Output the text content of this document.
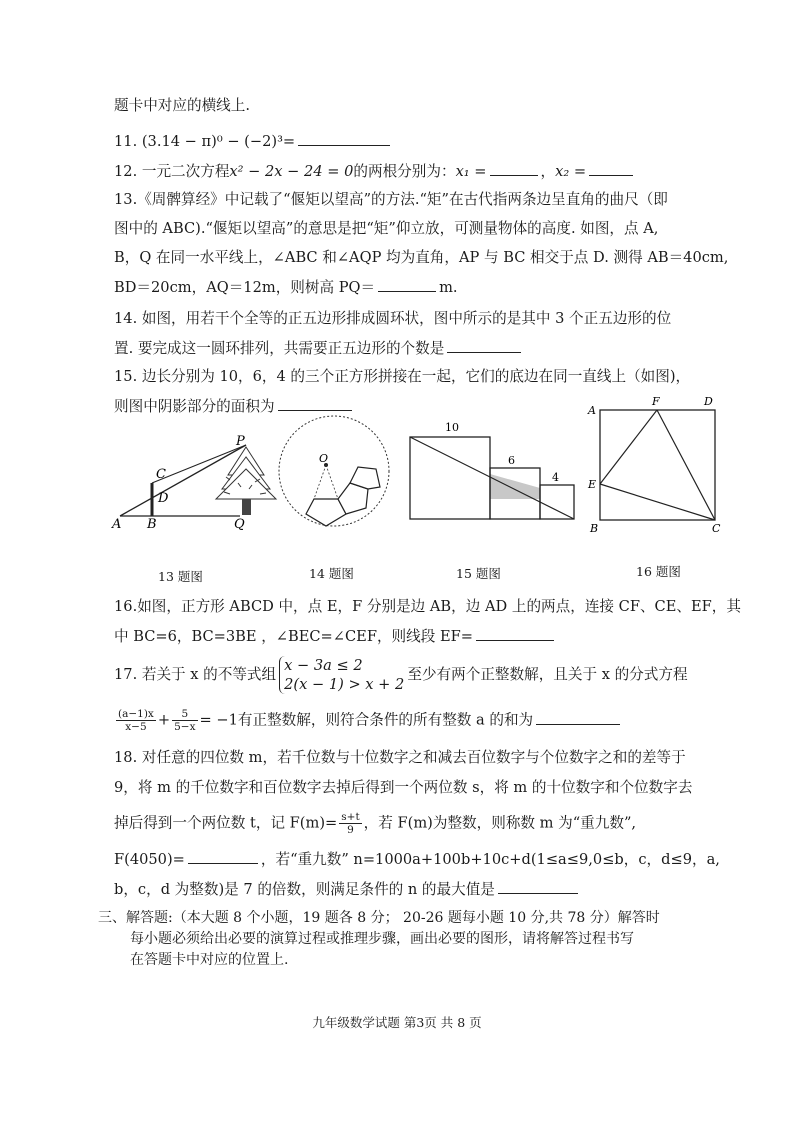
题卡中对应的横线上.
11. (3.14 − π)⁰ − (−2)³=
12. 一元二次方程x² − 2x − 24 = 0的两根分别为：x₁ =	，x₂ =
13.《周髀算经》中记载了“偃矩以望高”的方法.“矩”在古代指两条边呈直角的曲尺（即
图中的 ABC).“偃矩以望高”的意思是把“矩”仰立放，可测量物体的高度. 如图，点 A,
B，Q 在同一水平线上，∠ABC 和∠AQP 均为直角，AP 与 BC 相交于点 D. 测得 AB＝40cm,
BD＝20cm，AQ＝12m，则树高 PQ＝	m.
14. 如图，用若干个全等的正五边形排成圆环状，图中所示的是其中 3 个正五边形的位
置. 要完成这一圆环排列，共需要正五边形的个数是
15. 边长分别为 10，6，4 的三个正方形拼接在一起，它们的底边在同一直线上（如图)，
则图中阴影部分的面积为
A B
C
D
P
Q
O
10
6
4
A
F	D
E
B	C
13 题图	14 题图	15 题图	16 题图
16.如图，正方形 ABCD 中，点 E，F 分别是边 AB，边 AD 上的两点，连接 CF、CE、EF，其
中 BC=6，BC=3BE ，∠BEC=∠CEF，则线段 EF=
17. 若关于 x 的不等式组
x − 3a ≤ 2
2(x − 1) > x + 2
至少有两个正整数解，且关于 x 的分式方程
$\frac{(a-1)x}{x-5} + \frac{5}{5-x} = -1$有正整数解，则符合条件的所有整数 a 的和为
18. 对任意的四位数 m，若千位数与十位数字之和减去百位数字与个位数字之和的差等于
9，将 m 的千位数字和百位数字去掉后得到一个两位数 s，将 m 的十位数字和个位数字去
掉后得到一个两位数 t，记 $F(m)= \frac{s+t}{9}$ ，若 F(m)为整数，则称数 m 为“重九数”,
F(4050)=	，若“重九数” n=1000a+100b+10c+d(1≤a≤9,0≤b，c，d≤9，a,
b，c，d 为整数)是 7 的倍数，则满足条件的 n 的最大值是
三、解答题:（本大题 8 个小题，19 题各 8 分； 20-26 题每小题 10 分,共 78 分）解答时
每小题必须给出必要的演算过程或推理步骤，画出必要的图形，请将解答过程书写
在答题卡中对应的位置上.
九年级数学试题 第3页 共 8 页
